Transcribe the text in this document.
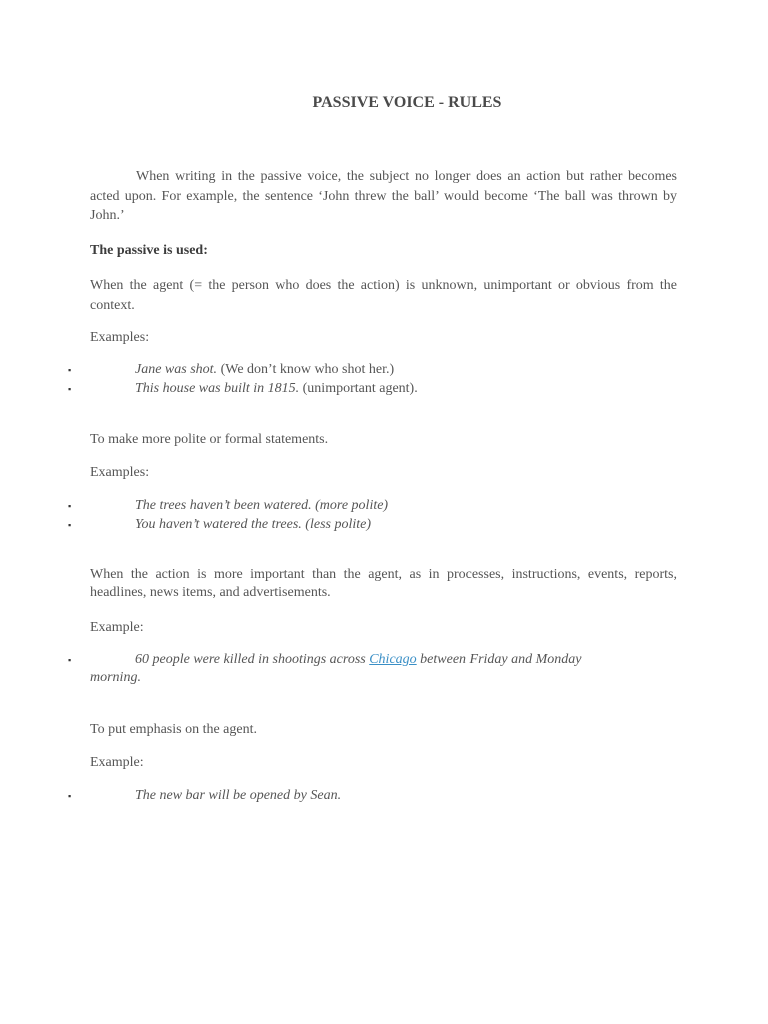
PASSIVE VOICE - RULES
When writing in the passive voice, the subject no longer does an action but rather becomes acted upon. For example, the sentence ‘John threw the ball’ would become ‘The ball was thrown by John.’
The passive is used:
When the agent (= the person who does the action) is unknown, unimportant or obvious from the context.
Examples:
▪	Jane was shot. (We don’t know who shot her.)
▪	This house was built in 1815. (unimportant agent).
To make more polite or formal statements.
Examples:
▪	The trees haven’t been watered. (more polite)
▪	You haven’t watered the trees. (less polite)
When the action is more important than the agent, as in processes, instructions, events, reports, headlines, news items, and advertisements.
Example:
▪	60 people were killed in shootings across Chicago between Friday and Monday
morning.
To put emphasis on the agent.
Example:
▪	The new bar will be opened by Sean.
